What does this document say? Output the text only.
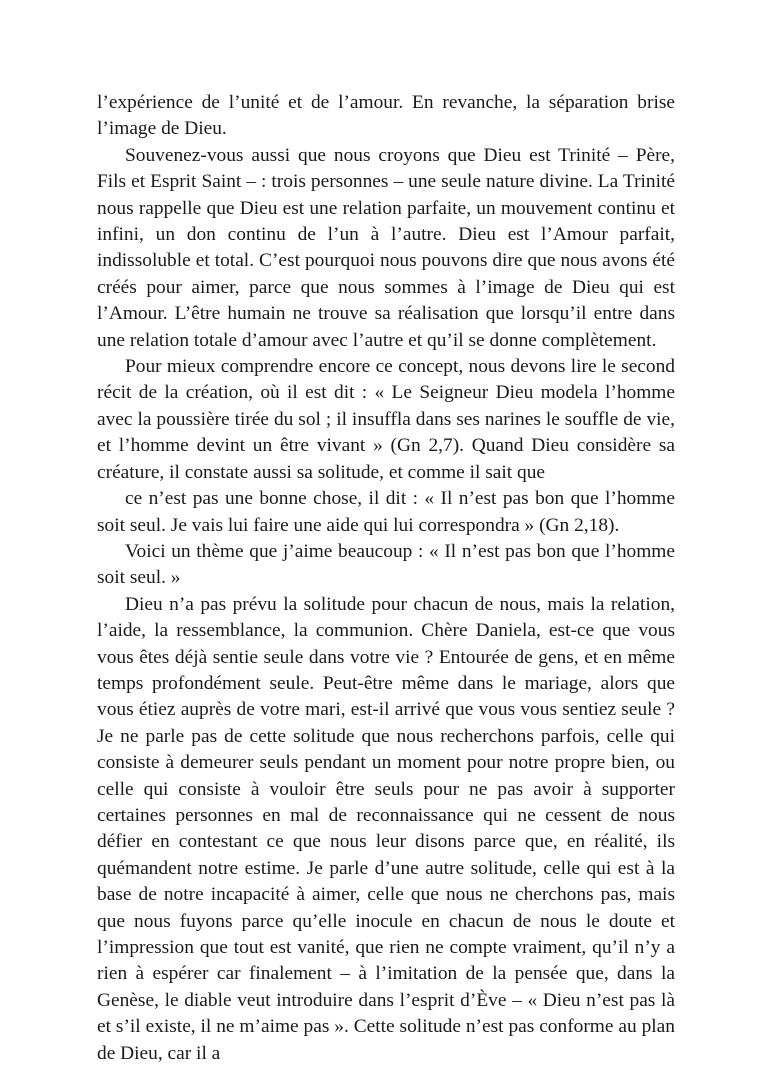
l’expérience de l’unité et de l’amour. En revanche, la séparation brise l’image de Dieu.

Souvenez-vous aussi que nous croyons que Dieu est Trinité – Père, Fils et Esprit Saint – : trois personnes – une seule nature divine. La Trinité nous rappelle que Dieu est une relation parfaite, un mouvement continu et infini, un don continu de l’un à l’autre. Dieu est l’Amour parfait, indissoluble et total. C’est pourquoi nous pouvons dire que nous avons été créés pour aimer, parce que nous sommes à l’image de Dieu qui est l’Amour. L’être humain ne trouve sa réalisation que lorsqu’il entre dans une relation totale d’amour avec l’autre et qu’il se donne complètement.

Pour mieux comprendre encore ce concept, nous devons lire le second récit de la création, où il est dit : « Le Seigneur Dieu modela l’homme avec la poussière tirée du sol ; il insuffla dans ses narines le souffle de vie, et l’homme devint un être vivant » (Gn 2,7). Quand Dieu considère sa créature, il constate aussi sa solitude, et comme il sait que

ce n’est pas une bonne chose, il dit : « Il n’est pas bon que l’homme soit seul. Je vais lui faire une aide qui lui correspondra » (Gn 2,18).

Voici un thème que j’aime beaucoup : « Il n’est pas bon que l’homme soit seul. »

Dieu n’a pas prévu la solitude pour chacun de nous, mais la relation, l’aide, la ressemblance, la communion. Chère Daniela, est-ce que vous vous êtes déjà sentie seule dans votre vie ? Entourée de gens, et en même temps profondément seule. Peut-être même dans le mariage, alors que vous étiez auprès de votre mari, est-il arrivé que vous vous sentiez seule ? Je ne parle pas de cette solitude que nous recherchons parfois, celle qui consiste à demeurer seuls pendant un moment pour notre propre bien, ou celle qui consiste à vouloir être seuls pour ne pas avoir à supporter certaines personnes en mal de reconnaissance qui ne cessent de nous défier en contestant ce que nous leur disons parce que, en réalité, ils quémandent notre estime. Je parle d’une autre solitude, celle qui est à la base de notre incapacité à aimer, celle que nous ne cherchons pas, mais que nous fuyons parce qu’elle inocule en chacun de nous le doute et l’impression que tout est vanité, que rien ne compte vraiment, qu’il n’y a rien à espérer car finalement – à l’imitation de la pensée que, dans la Genèse, le diable veut introduire dans l’esprit d’Ève – « Dieu n’est pas là et s’il existe, il ne m’aime pas ». Cette solitude n’est pas conforme au plan de Dieu, car il a
